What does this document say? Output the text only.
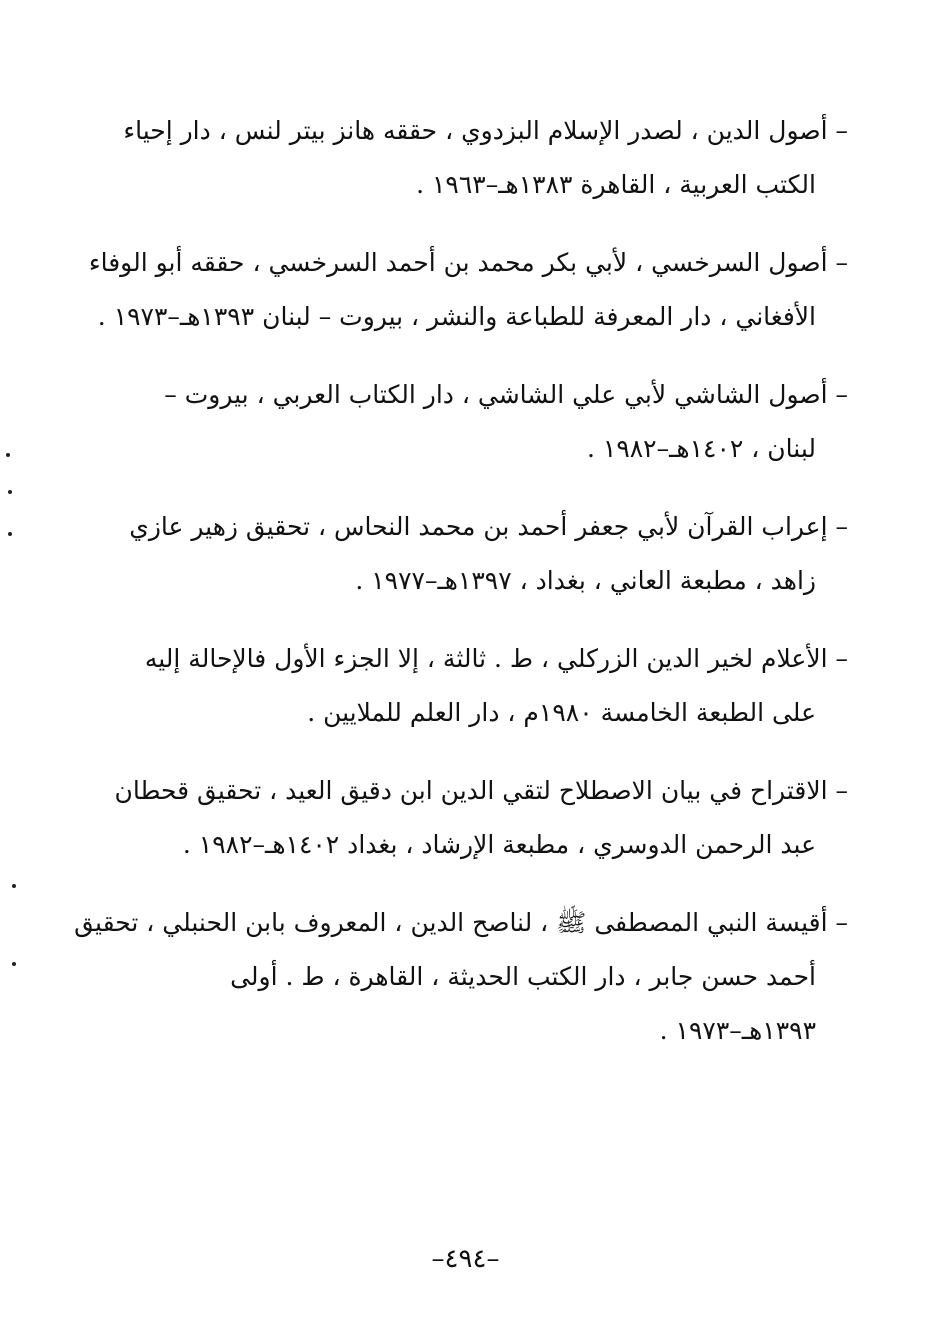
– أصول الدين ، لصدر الإسلام البزدوي ، حققه هانز بيتر لنس ، دار إحياء
الكتب العربية ، القاهرة ١٣٨٣هـ–١٩٦٣ .
– أصول السرخسي ، لأبي بكر محمد بن أحمد السرخسي ، حققه أبو الوفاء
الأفغاني ، دار المعرفة للطباعة والنشر ، بيروت – لبنان ١٣٩٣هـ–١٩٧٣ .
– أصول الشاشي لأبي علي الشاشي ، دار الكتاب العربي ، بيروت –
لبنان ، ١٤٠٢هـ–١٩٨٢ .
– إعراب القرآن لأبي جعفر أحمد بن محمد النحاس ، تحقيق زهير عازي
زاهد ، مطبعة العاني ، بغداد ، ١٣٩٧هـ–١٩٧٧ .
– الأعلام لخير الدين الزركلي ، ط . ثالثة ، إلا الجزء الأول فالإحالة إليه
على الطبعة الخامسة ١٩٨٠م ، دار العلم للملايين .
– الاقتراح في بيان الاصطلاح لتقي الدين ابن دقيق العيد ، تحقيق قحطان
عبد الرحمن الدوسري ، مطبعة الإرشاد ، بغداد ١٤٠٢هـ–١٩٨٢ .
– أقيسة النبي المصطفى ﷺ ، لناصح الدين ، المعروف بابن الحنبلي ، تحقيق
أحمد حسن جابر ، دار الكتب الحديثة ، القاهرة ، ط . أولى
١٣٩٣هـ–١٩٧٣ .
–٤٩٤–
